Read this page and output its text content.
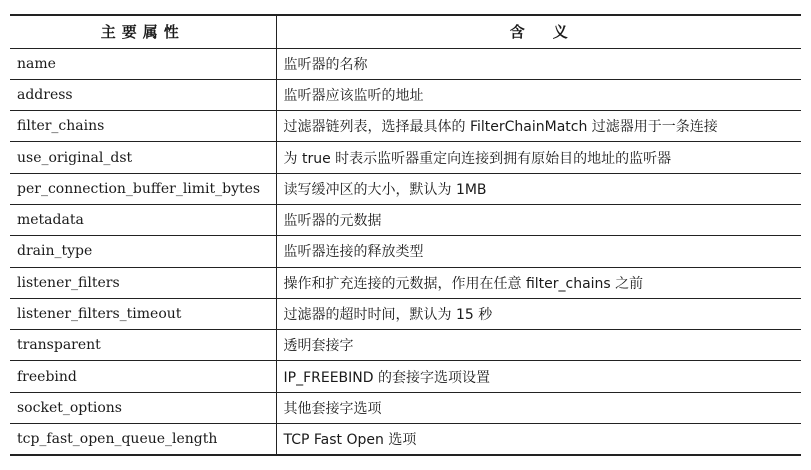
主要属性	含义
name	监听器的名称
address	监听器应该监听的地址
filter_chains	过滤器链列表，选择最具体的 FilterChainMatch 过滤器用于一条连接
use_original_dst	为 true 时表示监听器重定向连接到拥有原始目的地址的监听器
per_connection_buffer_limit_bytes	读写缓冲区的大小，默认为 1MB
metadata	监听器的元数据
drain_type	监听器连接的释放类型
listener_filters	操作和扩充连接的元数据，作用在任意 filter_chains 之前
listener_filters_timeout	过滤器的超时时间，默认为 15 秒
transparent	透明套接字
freebind	IP_FREEBIND 的套接字选项设置
socket_options	其他套接字选项
tcp_fast_open_queue_length	TCP Fast Open 选项
